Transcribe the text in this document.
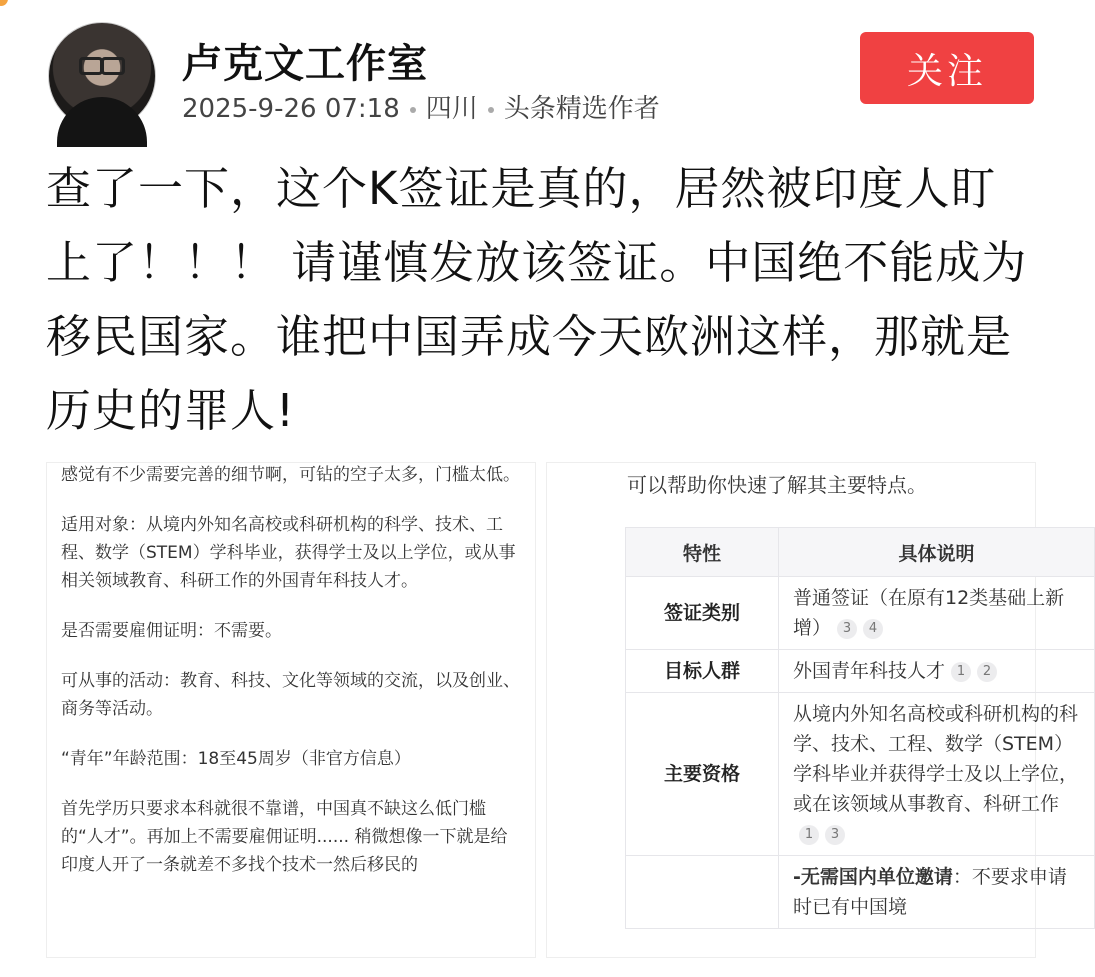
卢克文工作室
2025-9-26 07:18 四川 头条精选作者
关注
查了一下，这个K签证是真的，居然被印度人盯上了！！！ 请谨慎发放该签证。中国绝不能成为移民国家。谁把中国弄成今天欧洲这样，那就是历史的罪人!
感觉有不少需要完善的细节啊，可钻的空子太多，门槛太低。
适用对象：从境内外知名高校或科研机构的科学、技术、工程、数学（STEM）学科毕业，获得学士及以上学位，或从事相关领域教育、科研工作的外国青年科技人才。
是否需要雇佣证明：不需要。
可从事的活动：教育、科技、文化等领域的交流，以及创业、商务等活动。
“青年”年龄范围：18至45周岁（非官方信息）
首先学历只要求本科就很不靠谱，中国真不缺这么低门槛的“人才”。再加上不需要雇佣证明...... 稍微想像一下就是给印度人开了一条就差不多找个技术一然后移民的
可以帮助你快速了解其主要特点。
特性	具体说明
签证类别	普通签证（在原有12类基础上新增） 3 4
目标人群	外国青年科技人才 1 2
主要资格	从境内外知名高校或科研机构的科学、技术、工程、数学（STEM）学科毕业并获得学士及以上学位，或在该领域从事教育、科研工作1 3
	-无需国内单位邀请：不要求申请时已有中国境
